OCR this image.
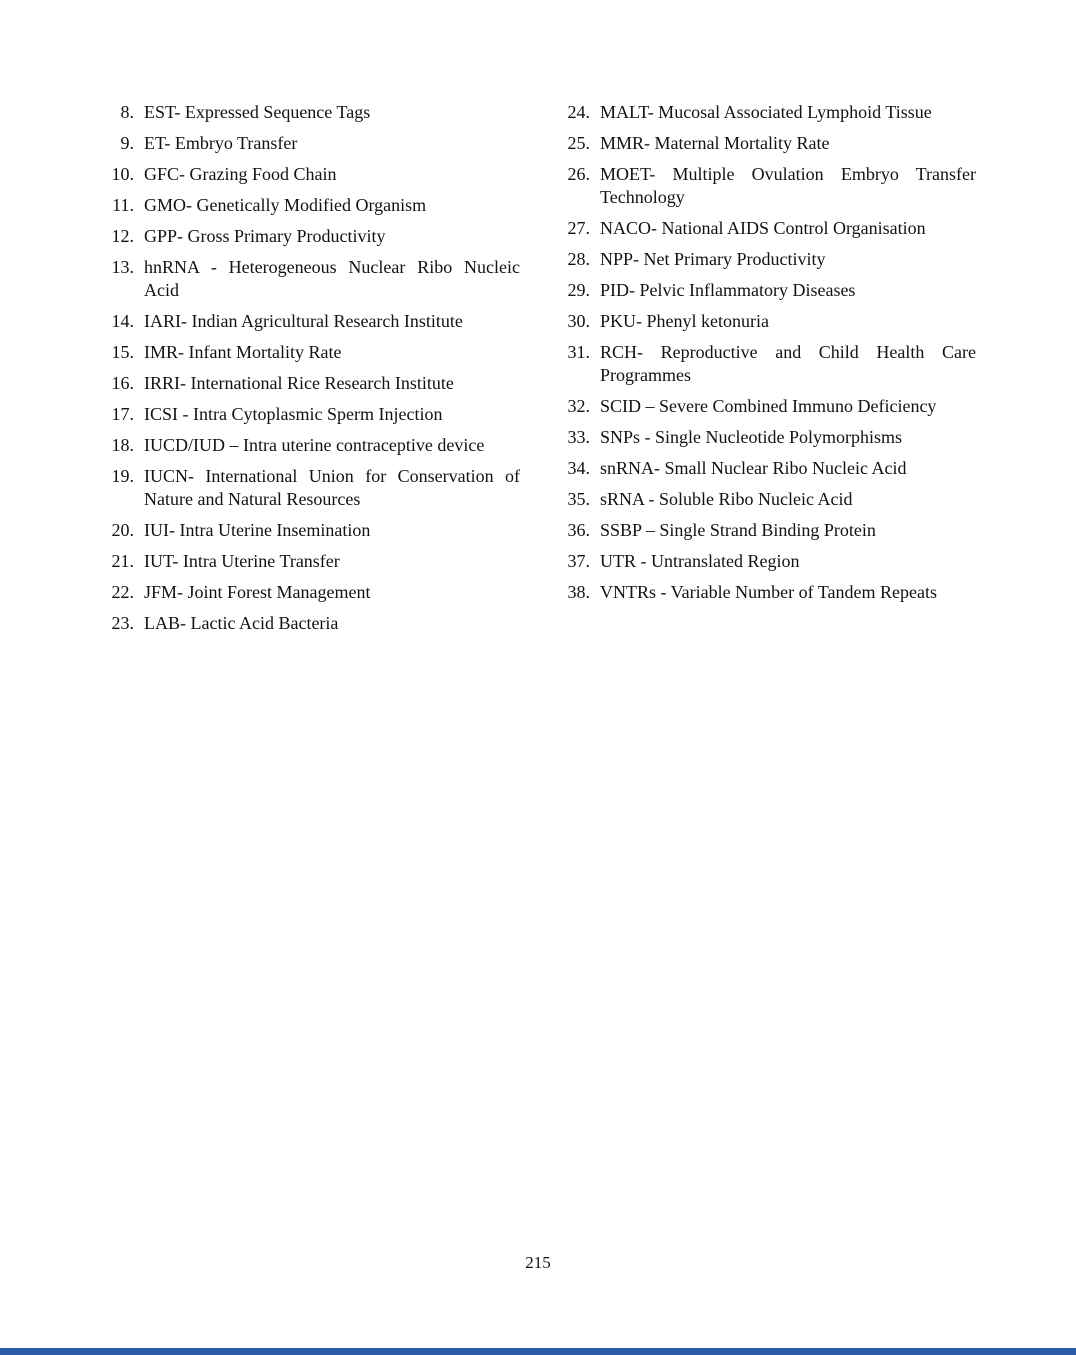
8. EST- Expressed Sequence Tags
9. ET- Embryo Transfer
10. GFC- Grazing Food Chain
11. GMO- Genetically Modified Organism
12. GPP- Gross Primary Productivity
13. hnRNA - Heterogeneous Nuclear Ribo Nucleic Acid
14. IARI- Indian Agricultural Research Institute
15. IMR- Infant Mortality Rate
16. IRRI- International Rice Research Institute
17. ICSI - Intra Cytoplasmic Sperm Injection
18. IUCD/IUD – Intra uterine contraceptive device
19. IUCN- International Union for Conservation of Nature and Natural Resources
20. IUI- Intra Uterine Insemination
21. IUT- Intra Uterine Transfer
22. JFM- Joint Forest Management
23. LAB- Lactic Acid Bacteria
24. MALT- Mucosal Associated Lymphoid Tissue
25. MMR- Maternal Mortality Rate
26. MOET- Multiple Ovulation Embryo Transfer Technology
27. NACO- National AIDS Control Organisation
28. NPP- Net Primary Productivity
29. PID- Pelvic Inflammatory Diseases
30. PKU- Phenyl ketonuria
31. RCH- Reproductive and Child Health Care Programmes
32. SCID – Severe Combined Immuno Deficiency
33. SNPs - Single Nucleotide Polymorphisms
34. snRNA- Small Nuclear Ribo Nucleic Acid
35. sRNA - Soluble Ribo Nucleic Acid
36. SSBP – Single Strand Binding Protein
37. UTR - Untranslated Region
38. VNTRs - Variable Number of Tandem Repeats
215
